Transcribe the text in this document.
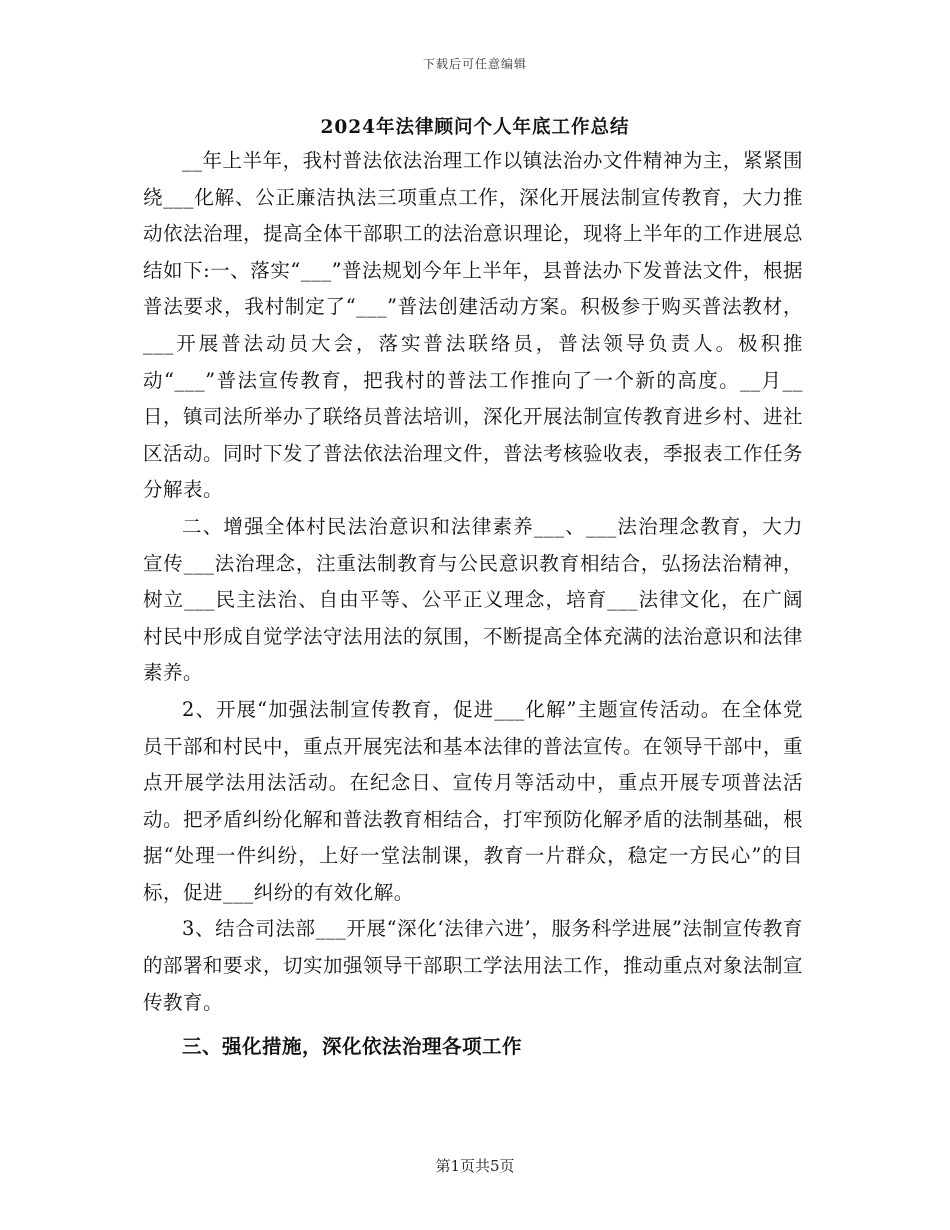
下载后可任意编辑
2024年法律顾问个人年底工作总结

__年上半年，我村普法依法治理工作以镇法治办文件精神为主，紧紧围绕___化解、公正廉洁执法三项重点工作，深化开展法制宣传教育，大力推动依法治理，提高全体干部职工的法治意识理论，现将上半年的工作进展总结如下:一、落实“___”普法规划今年上半年，县普法办下发普法文件，根据普法要求，我村制定了“___”普法创建活动方案。积极参于购买普法教材，___开展普法动员大会，落实普法联络员，普法领导负责人。极积推动“___”普法宣传教育，把我村的普法工作推向了一个新的高度。__月__日，镇司法所举办了联络员普法培训，深化开展法制宣传教育进乡村、进社区活动。同时下发了普法依法治理文件，普法考核验收表，季报表工作任务分解表。

二、增强全体村民法治意识和法律素养___、___法治理念教育，大力宣传___法治理念，注重法制教育与公民意识教育相结合，弘扬法治精神，树立___民主法治、自由平等、公平正义理念，培育___法律文化，在广阔村民中形成自觉学法守法用法的氛围，不断提高全体充满的法治意识和法律素养。

2、开展“加强法制宣传教育，促进___化解”主题宣传活动。在全体党员干部和村民中，重点开展宪法和基本法律的普法宣传。在领导干部中，重点开展学法用法活动。在纪念日、宣传月等活动中，重点开展专项普法活动。把矛盾纠纷化解和普法教育相结合，打牢预防化解矛盾的法制基础，根据“处理一件纠纷，上好一堂法制课，教育一片群众，稳定一方民心”的目标，促进___纠纷的有效化解。

3、结合司法部___开展“深化‘法律六进’，服务科学进展”法制宣传教育的部署和要求，切实加强领导干部职工学法用法工作，推动重点对象法制宣传教育。

三、强化措施，深化依法治理各项工作

第1页共5页
